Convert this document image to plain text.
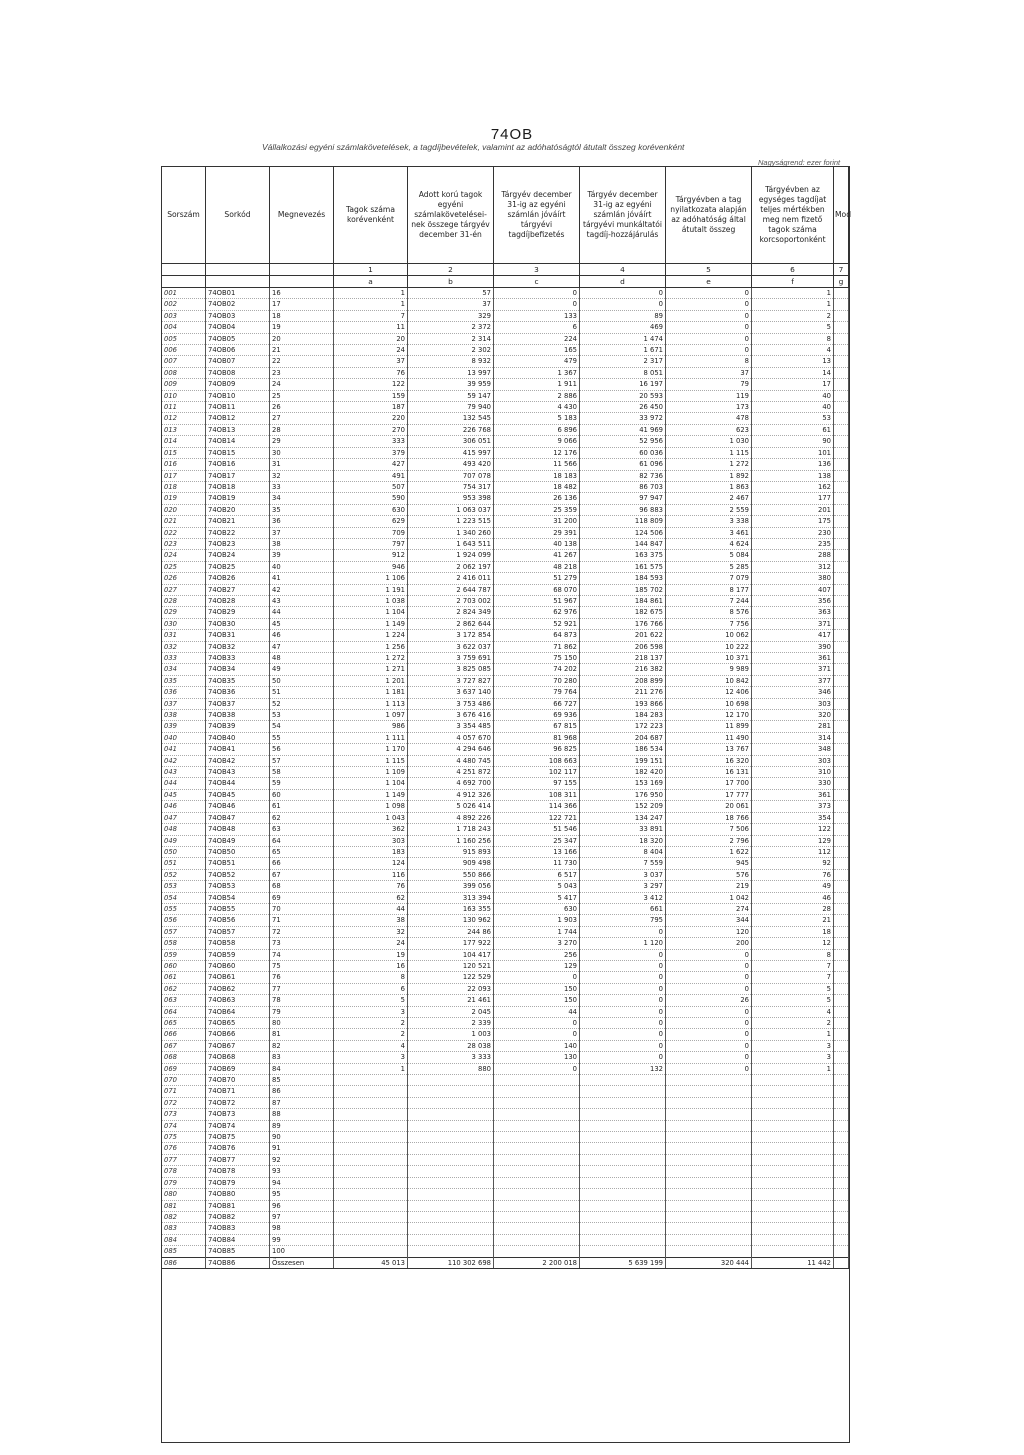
74OB
Vállalkozási egyéni számlakövetelések, a tagdíjbevételek, valamint az adóhatóságtól átutalt összeg korévenként
Nagyságrend: ezer forint
Sorszám	Sorkód	Megnevezés	Tagok száma korévenként	Adott korú tagok egyéni számlaköveteléseinek összege tárgyév december 31-én	Tárgyév december 31-ig az egyéni számlán jóváírt tárgyévi tagdíjbefizetés	Tárgyév december 31-ig az egyéni számlán jóváírt tárgyévi munkáltatói tagdíj-hozzájárulás	Tárgyévben a tag nyilatkozata alapján az adóhatóság által átutalt összeg	Tárgyévben az egységes tagdíjat teljes mértékben meg nem fizető tagok száma korcsoportonként	Mod
			1	2	3	4	5	6	7
			a	b	c	d	e	f	g
001	74OB01	16	1	57	0	0	0	1	
002	74OB02	17	1	37	0	0	0	1	
003	74OB03	18	7	329	133	89	0	2	
004	74OB04	19	11	2 372	6	469	0	5	
005	74OB05	20	20	2 314	224	1 474	0	8	
006	74OB06	21	24	2 302	165	1 671	0	4	
007	74OB07	22	37	8 932	479	2 317	8	13	
008	74OB08	23	76	13 997	1 367	8 051	37	14	
009	74OB09	24	122	39 959	1 911	16 197	79	17	
010	74OB10	25	159	59 147	2 886	20 593	119	40	
011	74OB11	26	187	79 940	4 430	26 450	173	40	
012	74OB12	27	220	132 545	5 183	33 972	478	53	
013	74OB13	28	270	226 768	6 896	41 969	623	61	
014	74OB14	29	333	306 051	9 066	52 956	1 030	90	
015	74OB15	30	379	415 997	12 176	60 036	1 115	101	
016	74OB16	31	427	493 420	11 566	61 096	1 272	136	
017	74OB17	32	491	707 078	18 183	82 736	1 892	138	
018	74OB18	33	507	754 317	18 482	86 703	1 863	162	
019	74OB19	34	590	953 398	26 136	97 947	2 467	177	
020	74OB20	35	630	1 063 037	25 359	96 883	2 559	201	
021	74OB21	36	629	1 223 515	31 200	118 809	3 338	175	
022	74OB22	37	709	1 340 260	29 391	124 506	3 461	230	
023	74OB23	38	797	1 643 511	40 138	144 847	4 624	235	
024	74OB24	39	912	1 924 099	41 267	163 375	5 084	288	
025	74OB25	40	946	2 062 197	48 218	161 575	5 285	312	
026	74OB26	41	1 106	2 416 011	51 279	184 593	7 079	380	
027	74OB27	42	1 191	2 644 787	68 070	185 702	8 177	407	
028	74OB28	43	1 038	2 703 002	51 967	184 861	7 244	356	
029	74OB29	44	1 104	2 824 349	62 976	182 675	8 576	363	
030	74OB30	45	1 149	2 862 644	52 921	176 766	7 756	371	
031	74OB31	46	1 224	3 172 854	64 873	201 622	10 062	417	
032	74OB32	47	1 256	3 622 037	71 862	206 598	10 222	390	
033	74OB33	48	1 272	3 759 691	75 150	218 137	10 371	361	
034	74OB34	49	1 271	3 825 085	74 202	216 382	9 989	371	
035	74OB35	50	1 201	3 727 827	70 280	208 899	10 842	377	
036	74OB36	51	1 181	3 637 140	79 764	211 276	12 406	346	
037	74OB37	52	1 113	3 753 486	66 727	193 866	10 698	303	
038	74OB38	53	1 097	3 676 416	69 936	184 283	12 170	320	
039	74OB39	54	986	3 354 485	67 815	172 223	11 899	281	
040	74OB40	55	1 111	4 057 670	81 968	204 687	11 490	314	
041	74OB41	56	1 170	4 294 646	96 825	186 534	13 767	348	
042	74OB42	57	1 115	4 480 745	108 663	199 151	16 320	303	
043	74OB43	58	1 109	4 251 872	102 117	182 420	16 131	310	
044	74OB44	59	1 104	4 692 700	97 155	153 169	17 700	330	
045	74OB45	60	1 149	4 912 326	108 311	176 950	17 777	361	
046	74OB46	61	1 098	5 026 414	114 366	152 209	20 061	373	
047	74OB47	62	1 043	4 892 226	122 721	134 247	18 766	354	
048	74OB48	63	362	1 718 243	51 546	33 891	7 506	122	
049	74OB49	64	303	1 160 256	25 347	18 320	2 796	129	
050	74OB50	65	183	915 893	13 166	8 404	1 622	112	
051	74OB51	66	124	909 498	11 730	7 559	945	92	
052	74OB52	67	116	550 866	6 517	3 037	576	76	
053	74OB53	68	76	399 056	5 043	3 297	219	49	
054	74OB54	69	62	313 394	5 417	3 412	1 042	46	
055	74OB55	70	44	163 355	630	661	274	28	
056	74OB56	71	38	130 962	1 903	795	344	21	
057	74OB57	72	32	244 86	1 744	0	120	18	
058	74OB58	73	24	177 922	3 270	1 120	200	12	
059	74OB59	74	19	104 417	256	0	0	8	
060	74OB60	75	16	120 521	129	0	0	7	
061	74OB61	76	8	122 529	0	0	0	7	
062	74OB62	77	6	22 093	150	0	0	5	
063	74OB63	78	5	21 461	150	0	26	5	
064	74OB64	79	3	2 045	44	0	0	4	
065	74OB65	80	2	2 339	0	0	0	2	
066	74OB66	81	2	1 003	0	0	0	1	
067	74OB67	82	4	28 038	140	0	0	3	
068	74OB68	83	3	3 333	130	0	0	3	
069	74OB69	84	1	880	0	132	0	1	
070	74OB70	85							
071	74OB71	86							
072	74OB72	87							
073	74OB73	88							
074	74OB74	89							
075	74OB75	90							
076	74OB76	91							
077	74OB77	92							
078	74OB78	93							
079	74OB79	94							
080	74OB80	95							
081	74OB81	96							
082	74OB82	97							
083	74OB83	98							
084	74OB84	99							
085	74OB85	100							
086	74OB86	Összesen	45 013	110 302 698	2 200 018	5 639 199	320 444	11 442	
